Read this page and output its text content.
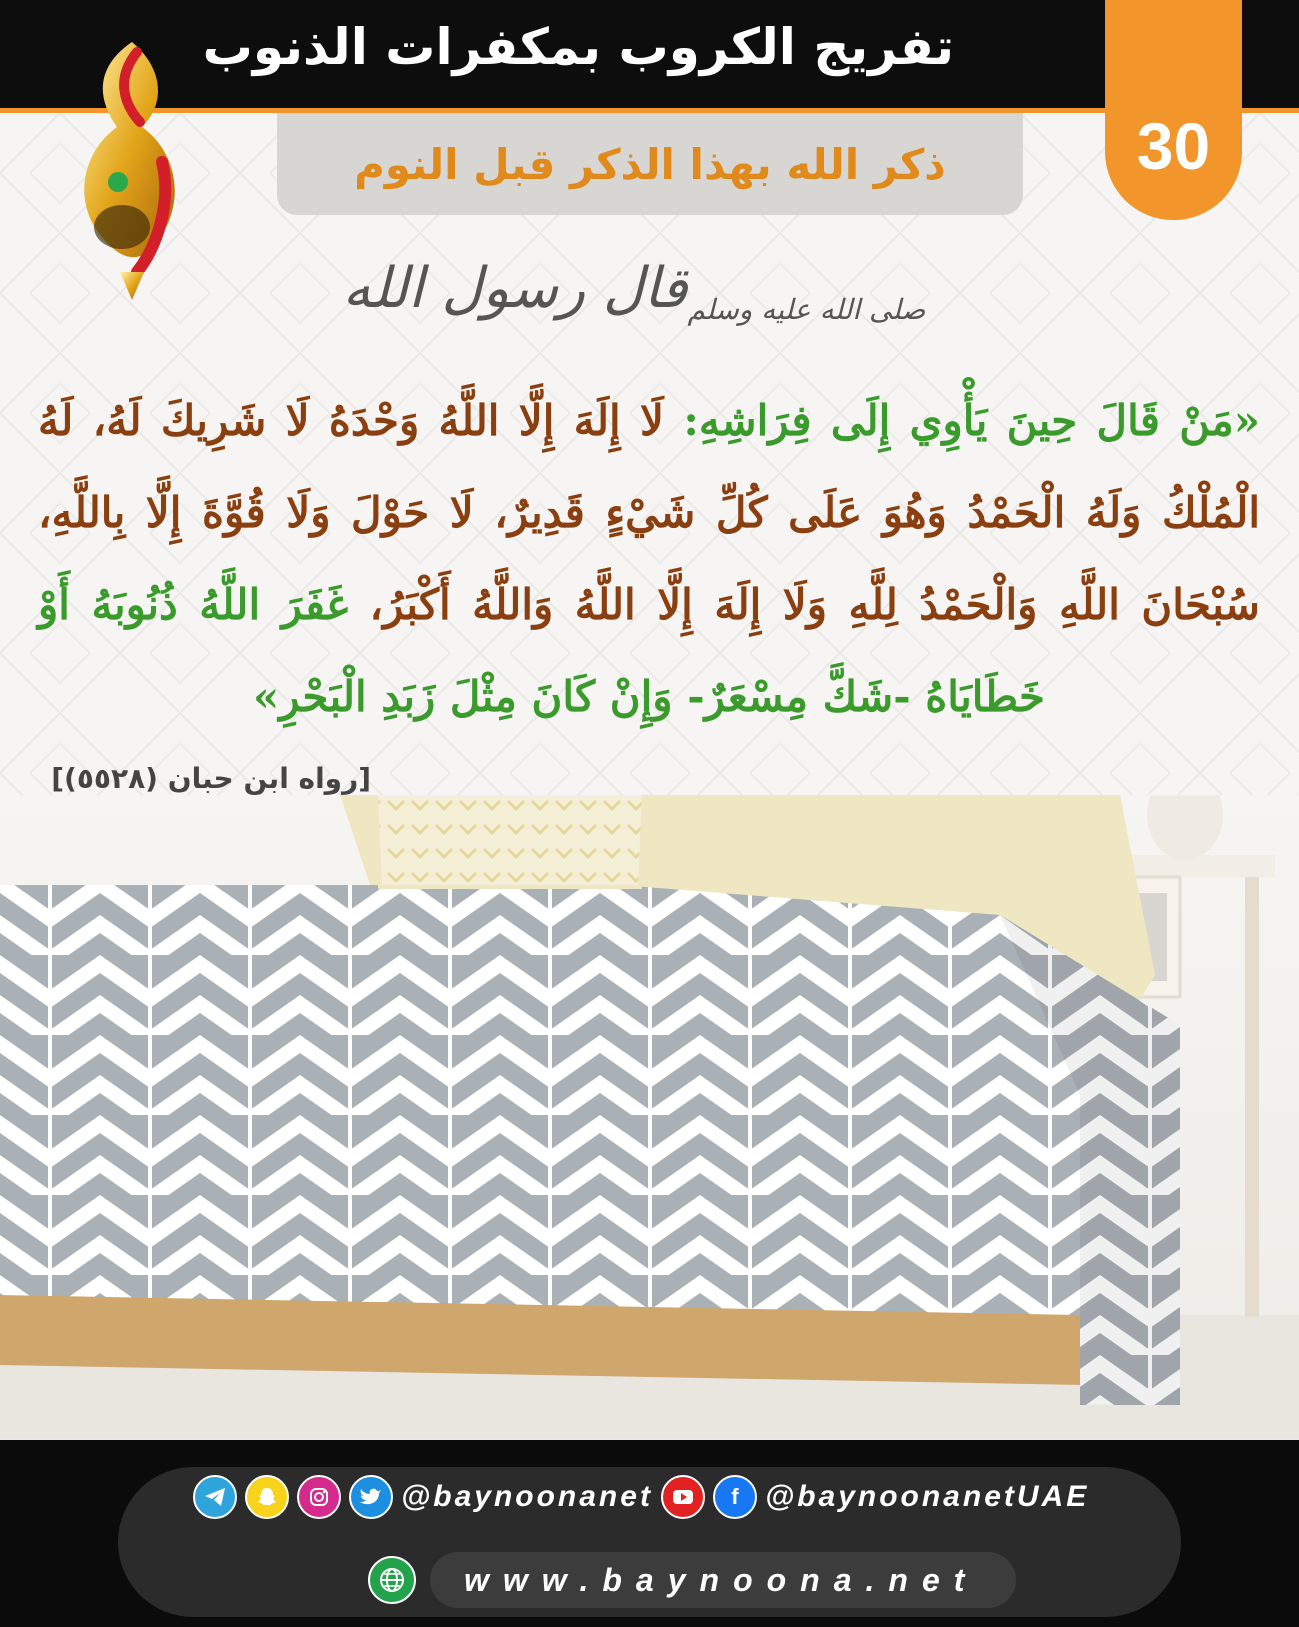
تفريج الكروب بمكفرات الذنوب
30
ذكر الله بهذا الذكر قبل النوم
قال رسول الله صلى الله عليه وسلم
«مَنْ قَالَ حِينَ يَأْوِي إِلَى فِرَاشِهِ: لَا إِلَهَ إِلَّا اللَّهُ وَحْدَهُ لَا شَرِيكَ لَهُ، لَهُ الْمُلْكُ وَلَهُ الْحَمْدُ وَهُوَ عَلَى كُلِّ شَيْءٍ قَدِيرٌ، لَا حَوْلَ وَلَا قُوَّةَ إِلَّا بِاللَّهِ، سُبْحَانَ اللَّهِ وَالْحَمْدُ لِلَّهِ وَلَا إِلَهَ إِلَّا اللَّهُ وَاللَّهُ أَكْبَرُ، غَفَرَ اللَّهُ ذُنُوبَهُ أَوْ خَطَايَاهُ -شَكَّ مِسْعَرٌ- وَإِنْ كَانَ مِثْلَ زَبَدِ الْبَحْرِ»
[رواه ابن حبان (٥٥٢٨)]
@baynoonanet	f @baynoonanetUAE
www.baynoona.net
